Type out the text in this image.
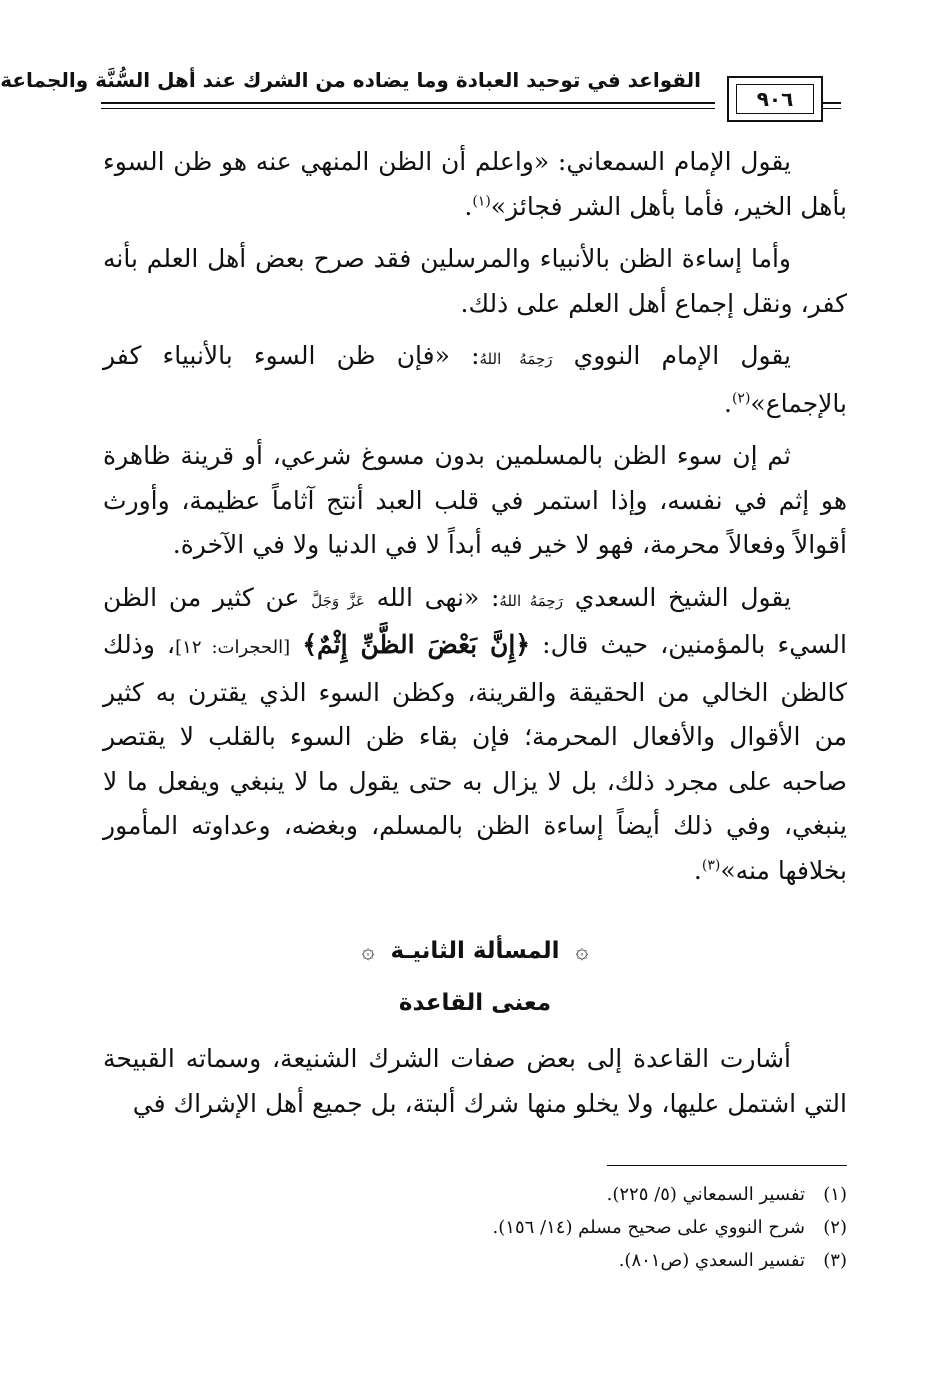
القواعد في توحيد العبادة وما يضاده من الشرك عند أهل السُّنَّة والجماعة
٩٠٦

يقول الإمام السمعاني: «واعلم أن الظن المنهي عنه هو ظن السوء بأهل الخير، فأما بأهل الشر فجائز»$^{(١)}$.

وأما إساءة الظن بالأنبياء والمرسلين فقد صرح بعض أهل العلم بأنه كفر، ونقل إجماع أهل العلم على ذلك.

يقول الإمام النووي رَحِمَهُ اللهُ: «فإن ظن السوء بالأنبياء كفر بالإجماع»$^{(٢)}$.

ثم إن سوء الظن بالمسلمين بدون مسوغ شرعي، أو قرينة ظاهرة هو إثم في نفسه، وإذا استمر في قلب العبد أنتج آثاماً عظيمة، وأورث أقوالاً وفعالاً محرمة، فهو لا خير فيه أبداً لا في الدنيا ولا في الآخرة.

يقول الشيخ السعدي رَحِمَهُ اللهُ: «نهى الله عَزَّ وَجَلَّ عن كثير من الظن السيء بالمؤمنين، حيث قال: ﴿إِنَّ بَعْضَ الظَّنِّ إِثْمٌ﴾ [الحجرات: ١٢]، وذلك كالظن الخالي من الحقيقة والقرينة، وكظن السوء الذي يقترن به كثير من الأقوال والأفعال المحرمة؛ فإن بقاء ظن السوء بالقلب لا يقتصر صاحبه على مجرد ذلك، بل لا يزال به حتى يقول ما لا ينبغي ويفعل ما لا ينبغي، وفي ذلك أيضاً إساءة الظن بالمسلم، وبغضه، وعداوته المأمور بخلافها منه»$^{(٣)}$.

۞ المسألة الثانيـة ۞
معنى القاعدة

أشارت القاعدة إلى بعض صفات الشرك الشنيعة، وسماته القبيحة التي اشتمل عليها، ولا يخلو منها شرك ألبتة، بل جميع أهل الإشراك في

(١)
تفسير السمعاني (٥/ ٢٢٥).
(٢)
شرح النووي على صحيح مسلم (١٤/ ١٥٦).
(٣)
تفسير السعدي (ص٨٠١).
